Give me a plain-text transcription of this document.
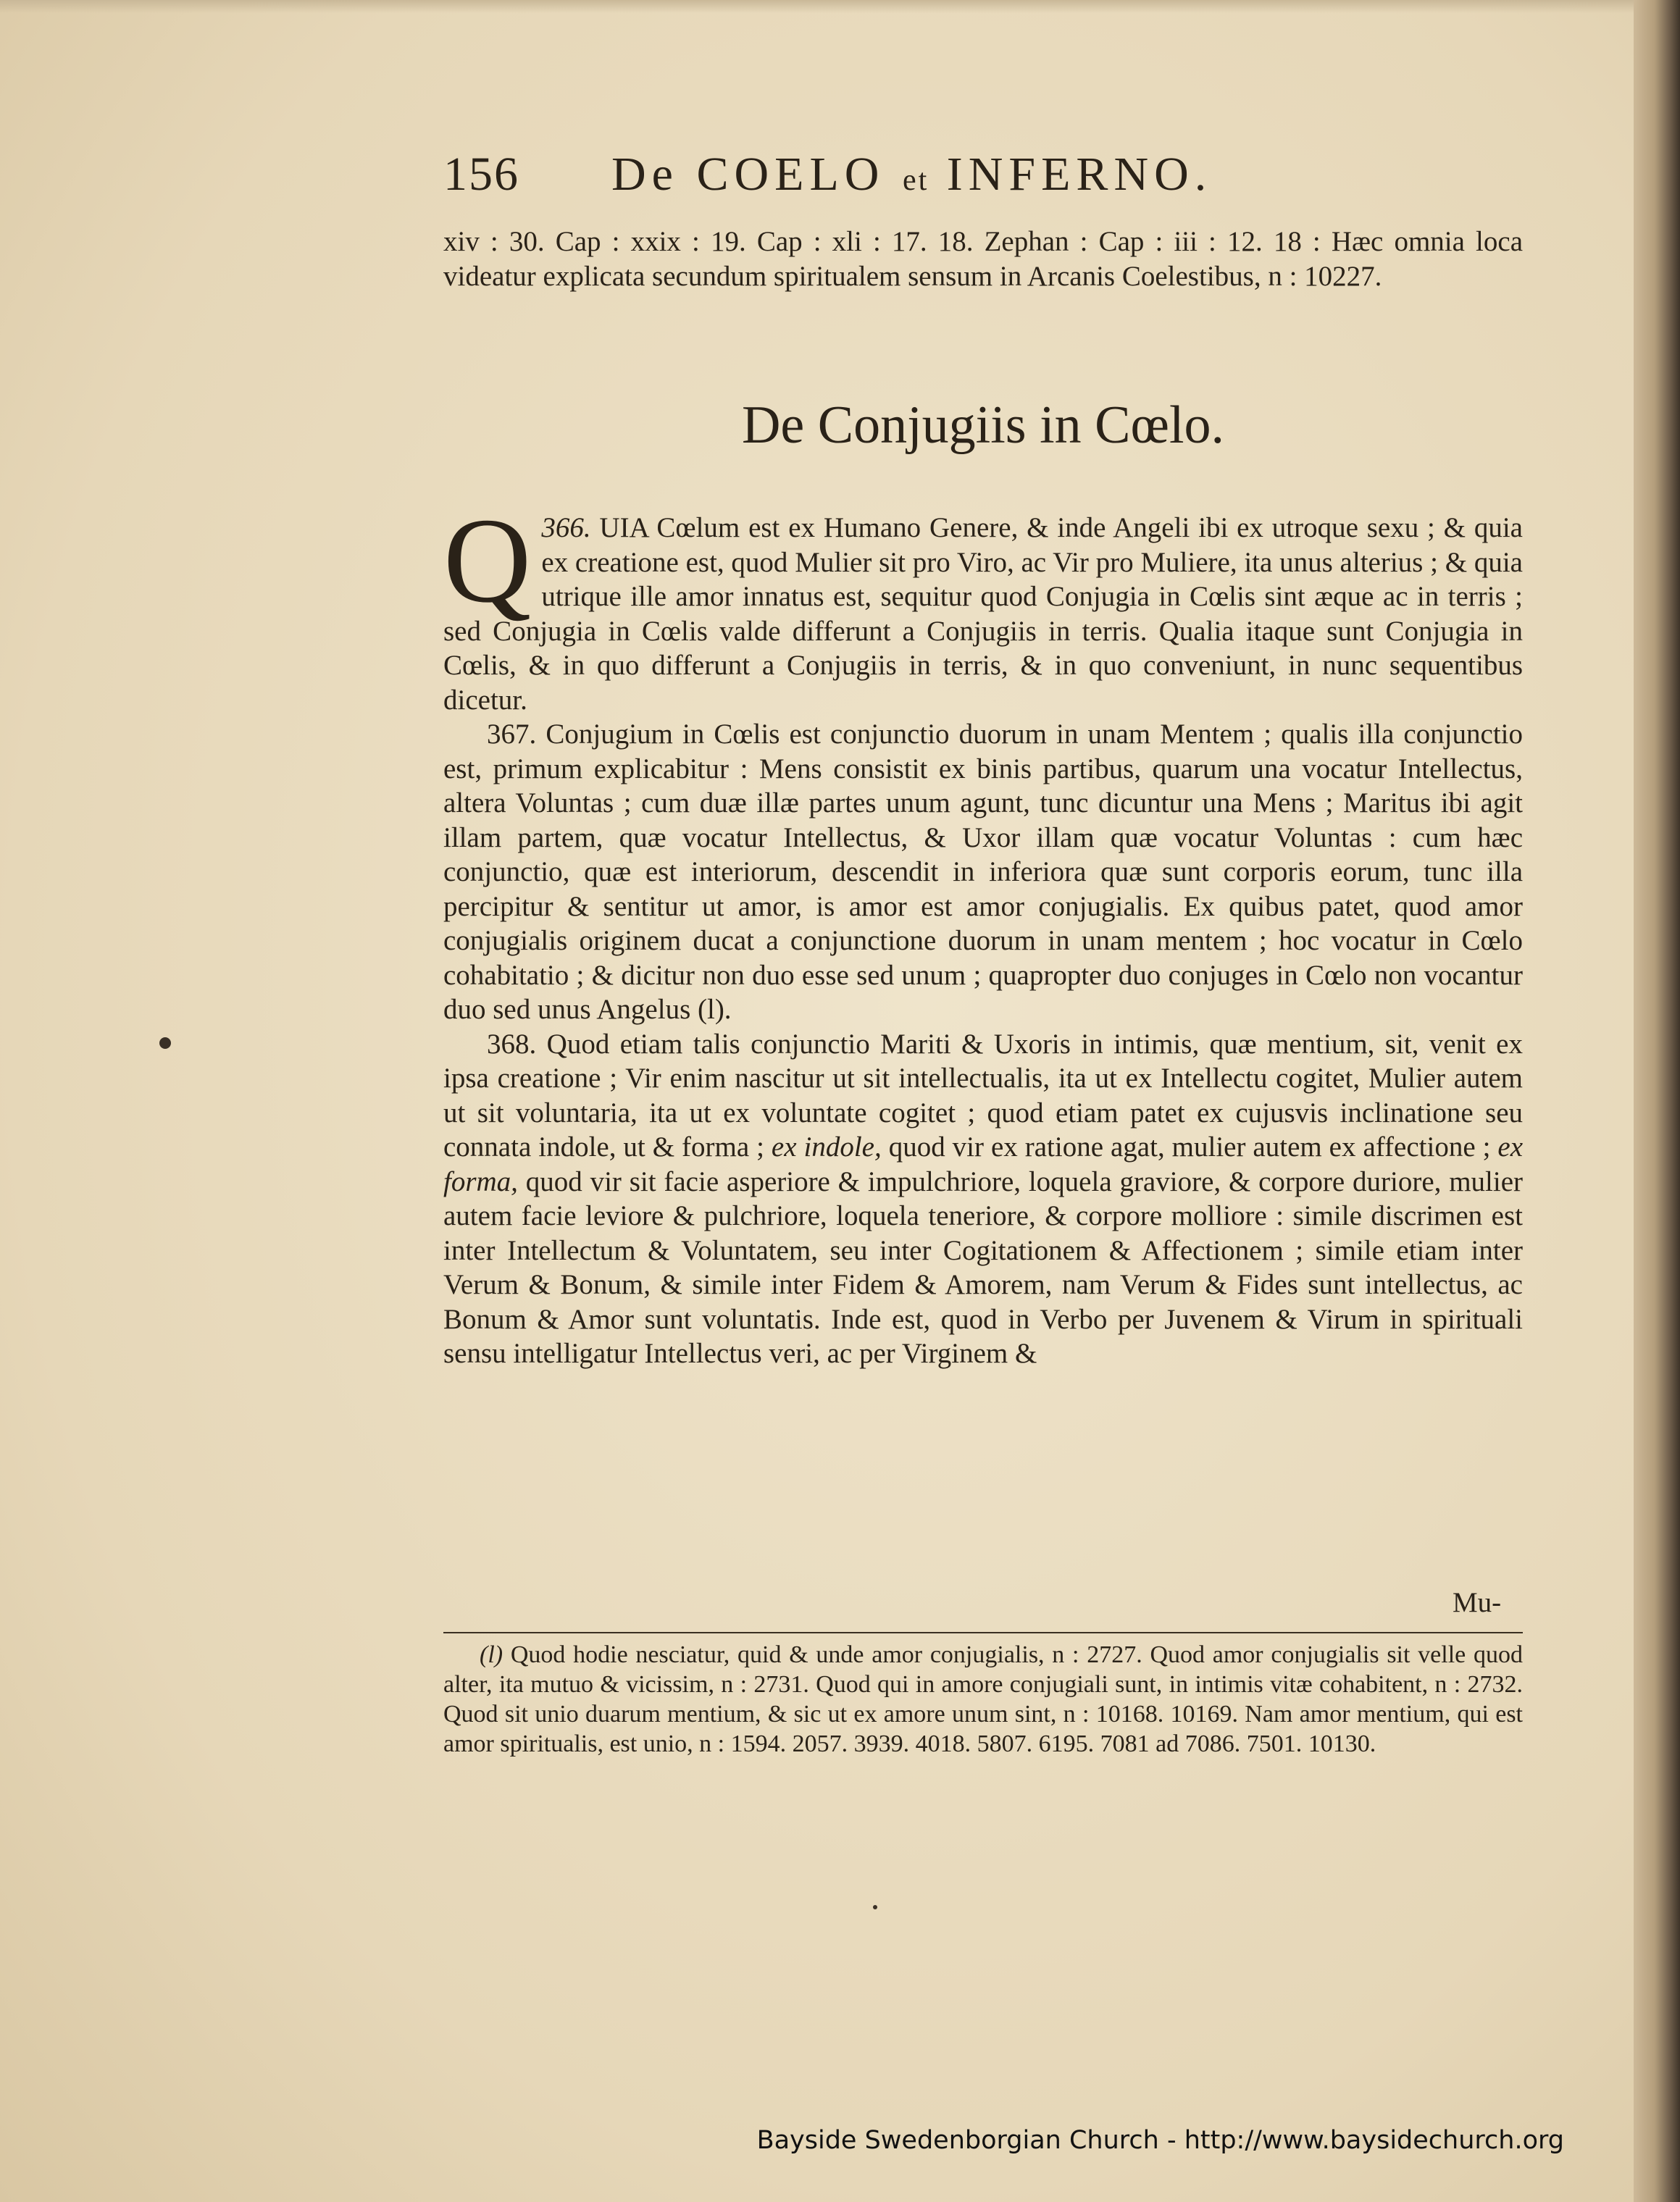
156 De COELO et INFERNO.

xiv : 30. Cap : xxix : 19. Cap : xli : 17. 18. Zephan : Cap : iii : 12. 18 : Hæc omnia loca videatur explicata secundum spiritualem sensum in Arcanis Coelestibus, n : 10227.

De Conjugiis in Cœlo.

366.
Q UIA Cœlum est ex Humano Genere, & inde Angeli ibi ex utroque sexu ; & quia ex creatione est, quod Mulier sit pro Viro, ac Vir pro Muliere, ita unus alterius ; & quia utrique ille amor innatus est, sequitur quod Conjugia in Cœlis sint æque ac in terris ; sed Conjugia in Cœlis valde differunt a Conjugiis in terris. Qualia itaque sunt Conjugia in Cœlis, & in quo differunt a Conjugiis in terris, & in quo conveniunt, in nunc sequentibus dicetur.

367. Conjugium in Cœlis est conjunctio duorum in unam Mentem ; qualis illa conjunctio est, primum explicabitur : Mens consistit ex binis partibus, quarum una vocatur Intellectus, altera Voluntas ; cum duæ illæ partes unum agunt, tunc dicuntur una Mens ; Maritus ibi agit illam partem, quæ vocatur Intellectus, & Uxor illam quæ vocatur Voluntas : cum hæc conjunctio, quæ est interiorum, descendit in inferiora quæ sunt corporis eorum, tunc illa percipitur & sentitur ut amor, is amor est amor conjugialis. Ex quibus patet, quod amor conjugialis originem ducat a conjunctione duorum in unam mentem ; hoc vocatur in Cœlo cohabitatio ; & dicitur non duo esse sed unum ; quapropter duo conjuges in Cœlo non vocantur duo sed unus Angelus (l).

368. Quod etiam talis conjunctio Mariti & Uxoris in intimis, quæ mentium, sit, venit ex ipsa creatione ; Vir enim nascitur ut sit intellectualis, ita ut ex Intellectu cogitet, Mulier autem ut sit voluntaria, ita ut ex voluntate cogitet ; quod etiam patet ex cujusvis inclinatione seu connata indole, ut & forma ; ex indole, quod vir ex ratione agat, mulier autem ex affectione ; ex forma, quod vir sit facie asperiore & impulchriore, loquela graviore, & corpore duriore, mulier autem facie leviore & pulchriore, loquela teneriore, & corpore molliore : simile discrimen est inter Intellectum & Voluntatem, seu inter Cogitationem & Affectionem ; simile etiam inter Verum & Bonum, & simile inter Fidem & Amorem, nam Verum & Fides sunt intellectus, ac Bonum & Amor sunt voluntatis. Inde est, quod in Verbo per Juvenem & Virum in spirituali sensu intelligatur Intellectus veri, ac per Virginem &

Mu-

(l) Quod hodie nesciatur, quid & unde amor conjugialis, n : 2727. Quod amor conjugialis sit velle quod alter, ita mutuo & vicissim, n : 2731. Quod qui in amore conjugiali sunt, in intimis vitæ cohabitent, n : 2732. Quod sit unio duarum mentium, & sic ut ex amore unum sint, n : 10168. 10169. Nam amor mentium, qui est amor spiritualis, est unio, n : 1594. 2057. 3939. 4018. 5807. 6195. 7081 ad 7086. 7501. 10130.

Bayside Swedenborgian Church - http://www.baysidechurch.org
